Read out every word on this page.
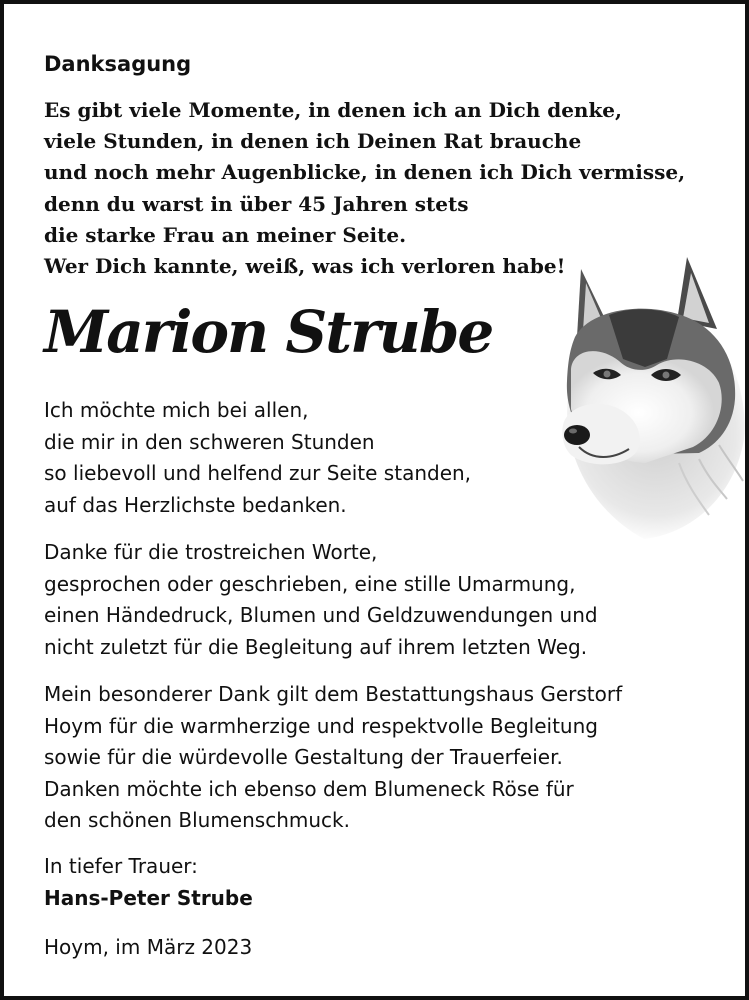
Danksagung
Es gibt viele Momente, in denen ich an Dich denke,
viele Stunden, in denen ich Deinen Rat brauche
und noch mehr Augenblicke, in denen ich Dich vermisse,
denn du warst in über 45 Jahren stets
die starke Frau an meiner Seite.
Wer Dich kannte, weiß, was ich verloren habe!
Marion Strube
Ich möchte mich bei allen,
die mir in den schweren Stunden
so liebevoll und helfend zur Seite standen,
auf das Herzlichste bedanken.
Danke für die trostreichen Worte,
gesprochen oder geschrieben, eine stille Umarmung,
einen Händedruck, Blumen und Geldzuwendungen und
nicht zuletzt für die Begleitung auf ihrem letzten Weg.
Mein besonderer Dank gilt dem Bestattungshaus Gerstorf
Hoym für die warmherzige und respektvolle Begleitung
sowie für die würdevolle Gestaltung der Trauerfeier.
Danken möchte ich ebenso dem Blumeneck Röse für
den schönen Blumenschmuck.
In tiefer Trauer:
Hans-Peter Strube
Hoym, im März 2023
